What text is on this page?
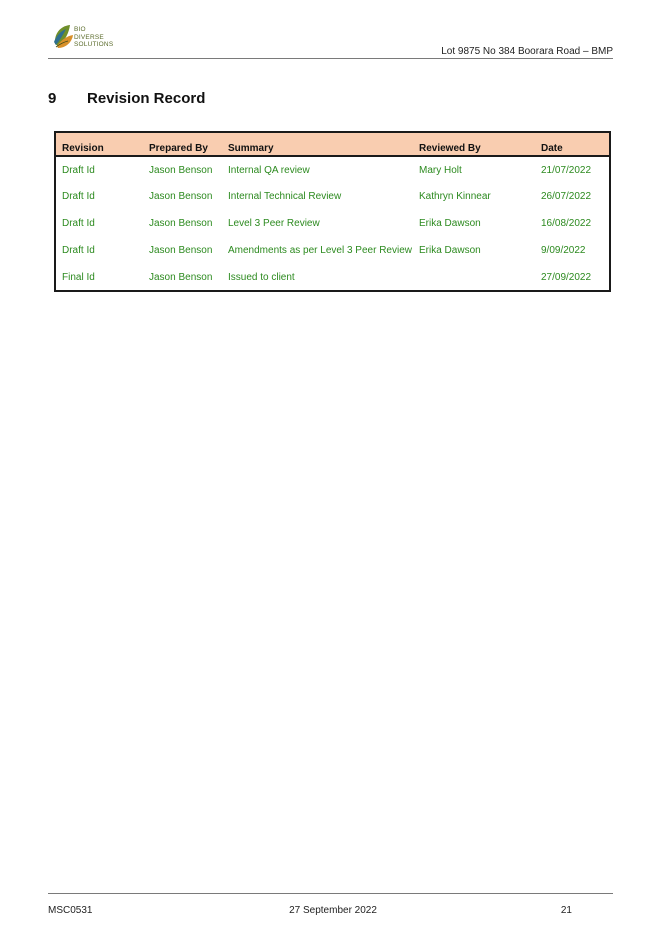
BIO
DIVERSE
SOLUTIONS
Lot 9875 No 384 Boorara Road – BMP
9 Revision Record
Revision	Prepared By	Summary	Reviewed By	Date
Draft Id	Jason Benson	Internal QA review	Mary Holt	21/07/2022
Draft Id	Jason Benson	Internal Technical Review	Kathryn Kinnear	26/07/2022
Draft Id	Jason Benson	Level 3 Peer Review	Erika Dawson	16/08/2022
Draft Id	Jason Benson	Amendments as per Level 3 Peer Review	Erika Dawson	9/09/2022
Final Id	Jason Benson	Issued to client		27/09/2022
MSC0531	27 September 2022	21
